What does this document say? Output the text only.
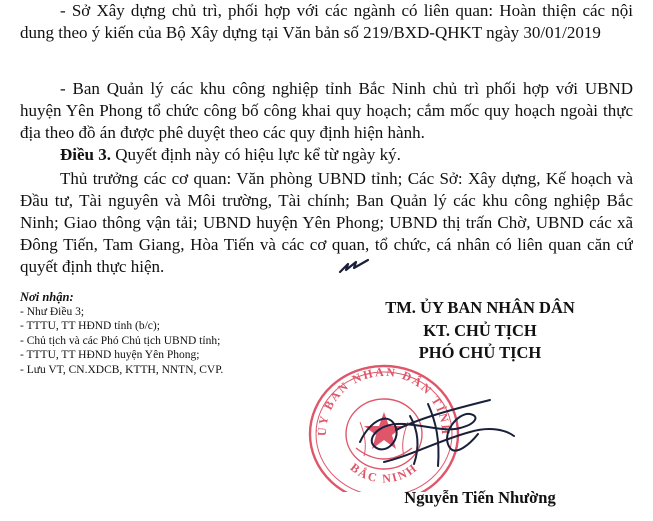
- Sở Xây dựng chủ trì, phối hợp với các ngành có liên quan: Hoàn thiện các nội dung theo ý kiến của Bộ Xây dựng tại Văn bản số 219/BXD-QHKT ngày 30/01/2019

- Ban Quản lý các khu công nghiệp tỉnh Bắc Ninh chủ trì phối hợp với UBND huyện Yên Phong tổ chức công bố công khai quy hoạch; cắm mốc quy hoạch ngoài thực địa theo đồ án được phê duyệt theo các quy định hiện hành.

Điều 3. Quyết định này có hiệu lực kể từ ngày ký.

Thủ trưởng các cơ quan: Văn phòng UBND tỉnh; Các Sở: Xây dựng, Kế hoạch và Đầu tư, Tài nguyên và Môi trường, Tài chính; Ban Quản lý các khu công nghiệp Bắc Ninh; Giao thông vận tải; UBND huyện Yên Phong; UBND thị trấn Chờ, UBND các xã Đông Tiến, Tam Giang, Hòa Tiến và các cơ quan, tổ chức, cá nhân có liên quan căn cứ quyết định thực hiện.

Nơi nhận:
- Như Điều 3;
- TTTU, TT HĐND tỉnh (b/c);
- Chủ tịch và các Phó Chủ tịch UBND tỉnh;
- TTTU, TT HĐND huyện Yên Phong;
- Lưu VT, CN.XDCB, KTTH, NNTN, CVP.
TM. ỦY BAN NHÂN DÂN
KT. CHỦ TỊCH
PHÓ CHỦ TỊCH
ỦY BAN NHÂN DÂN TỈNH
BẮC NINH
Nguyễn Tiến Nhường
